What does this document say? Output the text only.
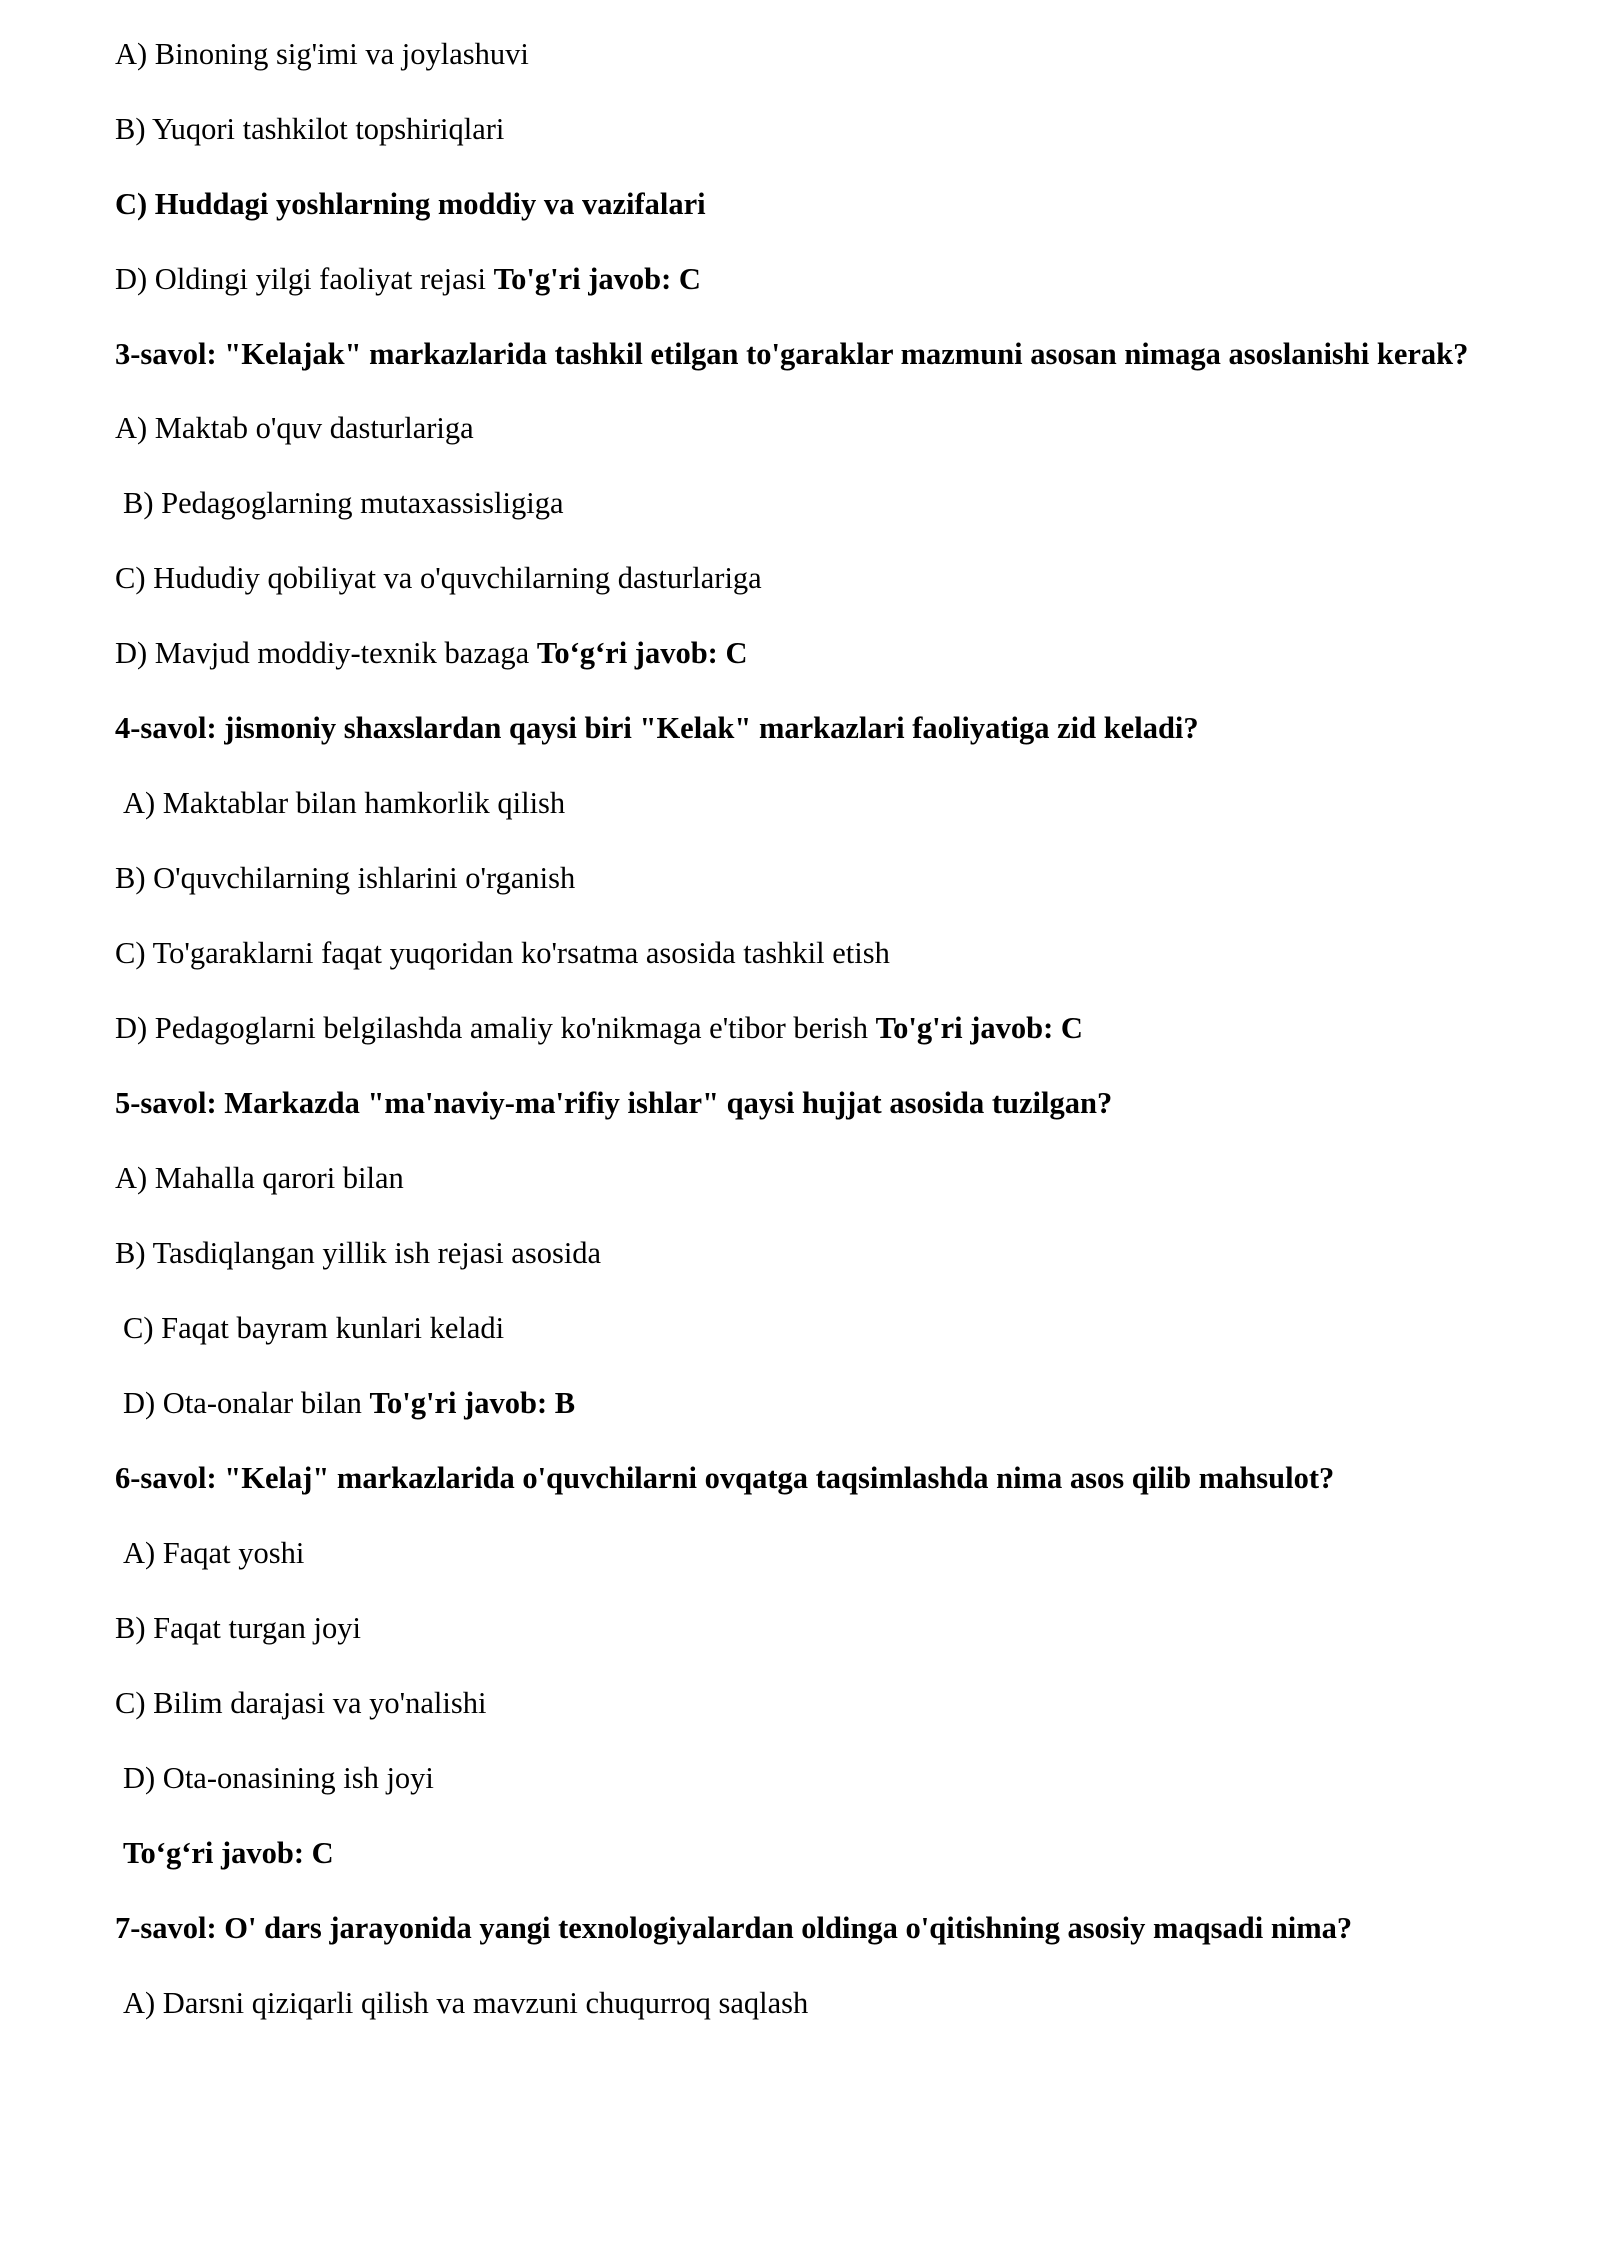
A) Binoning sig'imi va joylashuvi
B) Yuqori tashkilot topshiriqlari
C) Huddagi yoshlarning moddiy va vazifalari
D) Oldingi yilgi faoliyat rejasi To'g'ri javob: C
3-savol: "Kelajak" markazlarida tashkil etilgan to'garaklar mazmuni asosan nimaga asoslanishi kerak?
A) Maktab o'quv dasturlariga
B) Pedagoglarning mutaxassisligiga
C) Hududiy qobiliyat va o'quvchilarning dasturlariga
D) Mavjud moddiy-texnik bazaga To‘g‘ri javob: C
4-savol: jismoniy shaxslardan qaysi biri "Kelak" markazlari faoliyatiga zid keladi?
A) Maktablar bilan hamkorlik qilish
B) O'quvchilarning ishlarini o'rganish
C) To'garaklarni faqat yuqoridan ko'rsatma asosida tashkil etish
D) Pedagoglarni belgilashda amaliy ko'nikmaga e'tibor berish To'g'ri javob: C
5-savol: Markazda "ma'naviy-ma'rifiy ishlar" qaysi hujjat asosida tuzilgan?
A) Mahalla qarori bilan
B) Tasdiqlangan yillik ish rejasi asosida
C) Faqat bayram kunlari keladi
D) Ota-onalar bilan To'g'ri javob: B
6-savol: "Kelaj" markazlarida o'quvchilarni ovqatga taqsimlashda nima asos qilib mahsulot?
A) Faqat yoshi
B) Faqat turgan joyi
C) Bilim darajasi va yo'nalishi
D) Ota-onasining ish joyi
To‘g‘ri javob: C
7-savol: O' dars jarayonida yangi texnologiyalardan oldinga o'qitishning asosiy maqsadi nima?
A) Darsni qiziqarli qilish va mavzuni chuqurroq saqlash
